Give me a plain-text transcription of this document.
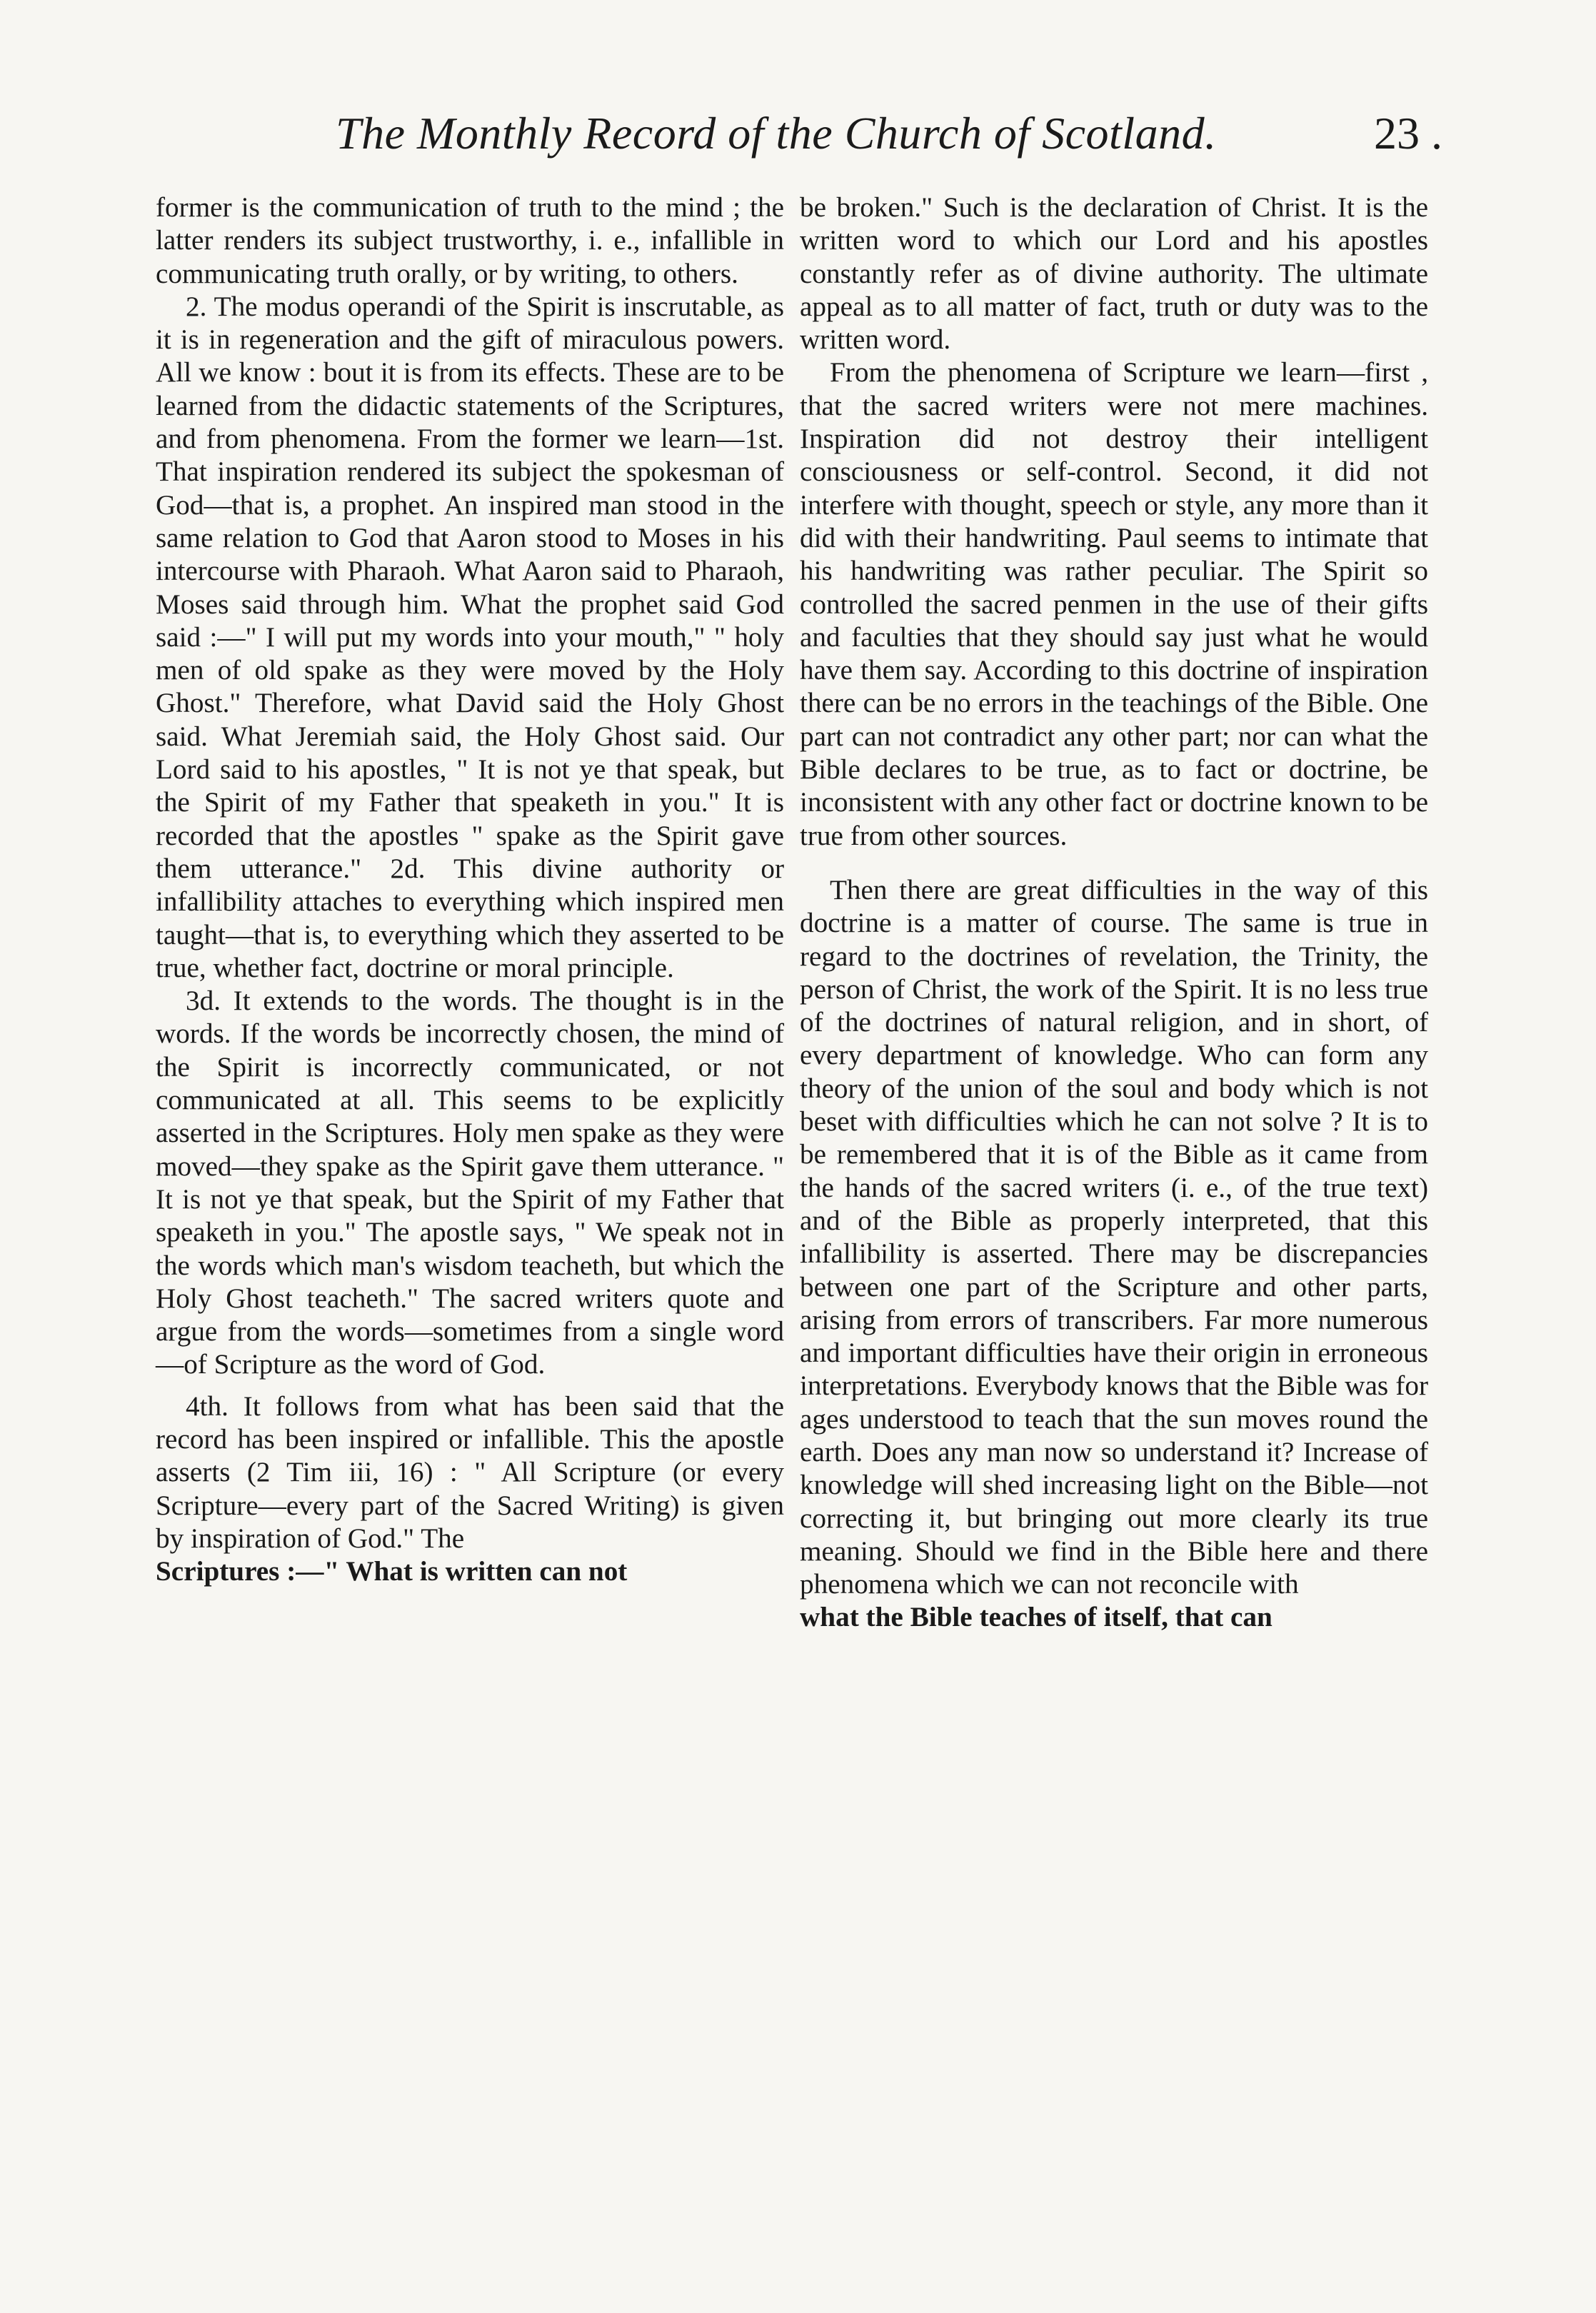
The Monthly Record of the Church of Scotland.	23 .

former is the communication of truth to the mind ; the latter renders its subject trustworthy, i. e., infallible in communicating truth orally, or by writing, to others.

2. The modus operandi of the Spirit is inscrutable, as it is in regeneration and the gift of miraculous powers. All we know : bout it is from its effects. These are to be learned from the didactic statements of the Scriptures, and from phenomena. From the former we learn—1st. That inspiration rendered its subject the spokesman of God—that is, a prophet. An inspired man stood in the same relation to God that Aaron stood to Moses in his intercourse with Pharaoh. What Aaron said to Pharaoh, Moses said through him. What the prophet said God said :—" I will put my words into your mouth," " holy men of old spake as they were moved by the Holy Ghost." Therefore, what David said the Holy Ghost said. What Jeremiah said, the Holy Ghost said. Our Lord said to his apostles, " It is not ye that speak, but the Spirit of my Father that speaketh in you." It is recorded that the apostles " spake as the Spirit gave them utterance." 2d. This divine authority or infallibility attaches to everything which inspired men taught—that is, to everything which they asserted to be true, whether fact, doctrine or moral principle.

3d. It extends to the words. The thought is in the words. If the words be incorrectly chosen, the mind of the Spirit is incorrectly communicated, or not communicated at all. This seems to be explicitly asserted in the Scriptures. Holy men spake as they were moved—they spake as the Spirit gave them utterance. " It is not ye that speak, but the Spirit of my Father that speaketh in you." The apostle says, " We speak not in the words which man's wisdom teacheth, but which the Holy Ghost teacheth." The sacred writers quote and argue from the words—sometimes from a single word—of Scripture as the word of God.

4th. It follows from what has been said that the record has been inspired or infallible. This the apostle asserts (2 Tim iii, 16) : " All Scripture (or every Scripture—every part of the Sacred Writing) is given by inspiration of God." The

Scriptures :—" What is written can not

be broken." Such is the declaration of Christ. It is the written word to which our Lord and his apostles constantly refer as of divine authority. The ultimate appeal as to all matter of fact, truth or duty was to the written word.

From the phenomena of Scripture we learn—first , that the sacred writers were not mere machines. Inspiration did not destroy their intelligent consciousness or self-control. Second, it did not interfere with thought, speech or style, any more than it did with their handwriting. Paul seems to intimate that his handwriting was rather peculiar. The Spirit so controlled the sacred penmen in the use of their gifts and faculties that they should say just what he would have them say. According to this doctrine of inspiration there can be no errors in the teachings of the Bible. One part can not contradict any other part; nor can what the Bible declares to be true, as to fact or doctrine, be inconsistent with any other fact or doctrine known to be true from other sources.

Then there are great difficulties in the way of this doctrine is a matter of course. The same is true in regard to the doctrines of revelation, the Trinity, the person of Christ, the work of the Spirit. It is no less true of the doctrines of natural religion, and in short, of every department of knowledge. Who can form any theory of the union of the soul and body which is not beset with difficulties which he can not solve ? It is to be remembered that it is of the Bible as it came from the hands of the sacred writers (i. e., of the true text) and of the Bible as properly interpreted, that this infallibility is asserted. There may be discrepancies between one part of the Scripture and other parts, arising from errors of transcribers. Far more numerous and important difficulties have their origin in erroneous interpretations. Everybody knows that the Bible was for ages understood to teach that the sun moves round the earth. Does any man now so understand it? Increase of knowledge will shed increasing light on the Bible—not correcting it, but bringing out more clearly its true meaning. Should we find in the Bible here and there phenomena which we can not reconcile with

what the Bible teaches of itself, that can
